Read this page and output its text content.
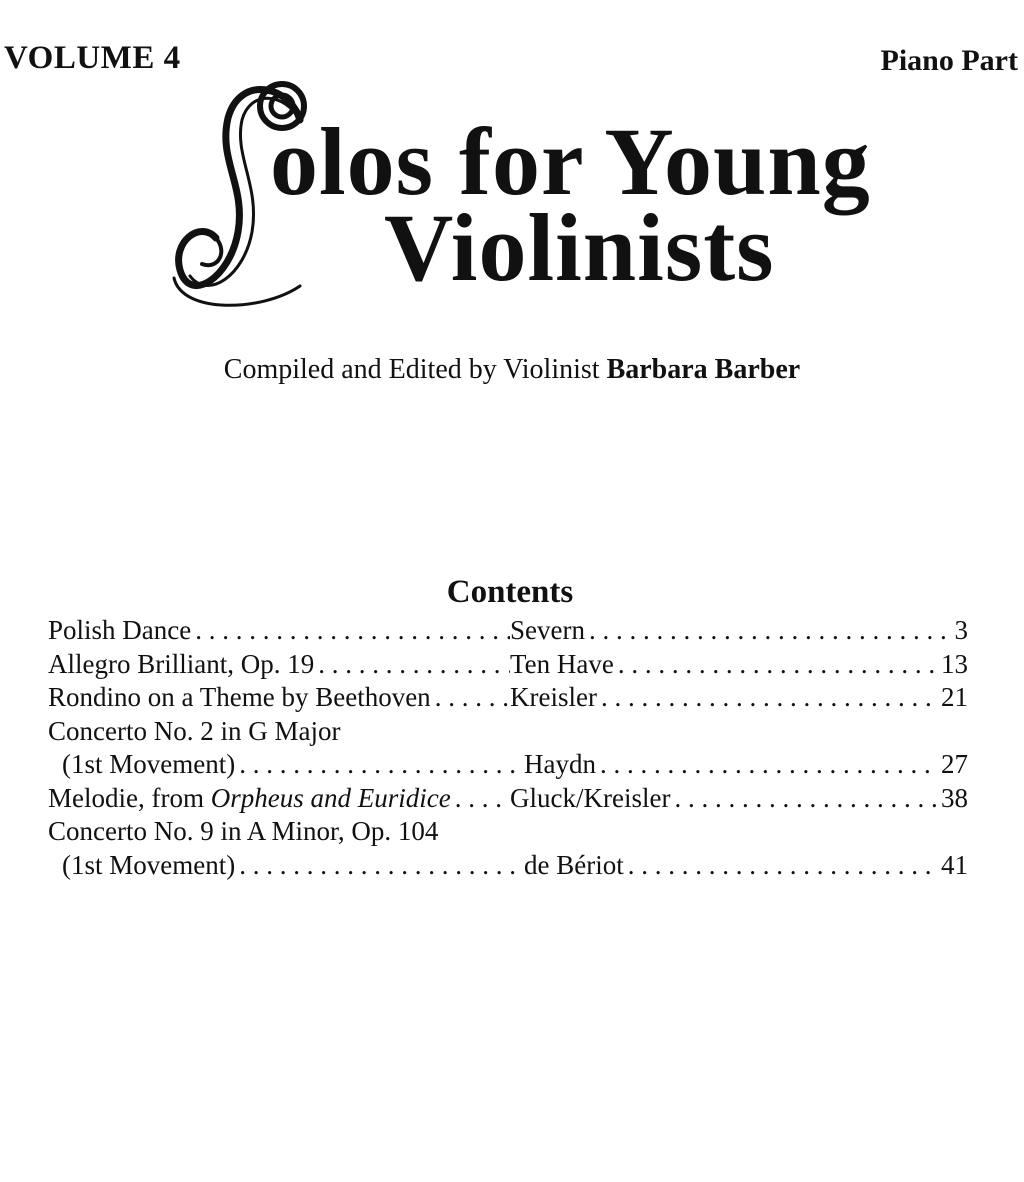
VOLUME 4	Piano Part
olos for Young
Violinists
Compiled and Edited by Violinist Barbara Barber
Contents
Polish Dance . . .	Severn . . .	3
Allegro Brilliant, Op. 19 . . .	Ten Have . . .	13
Rondino on a Theme by Beethoven . . .	Kreisler . . .	21
Concerto No. 2 in G Major
(1st Movement) . . .	Haydn . . .	27
Melodie, from Orpheus and Euridice . . . Gluck/Kreisler . . .	38
Concerto No. 9 in A Minor, Op. 104
(1st Movement) . . .	de Bériot . . .	41
